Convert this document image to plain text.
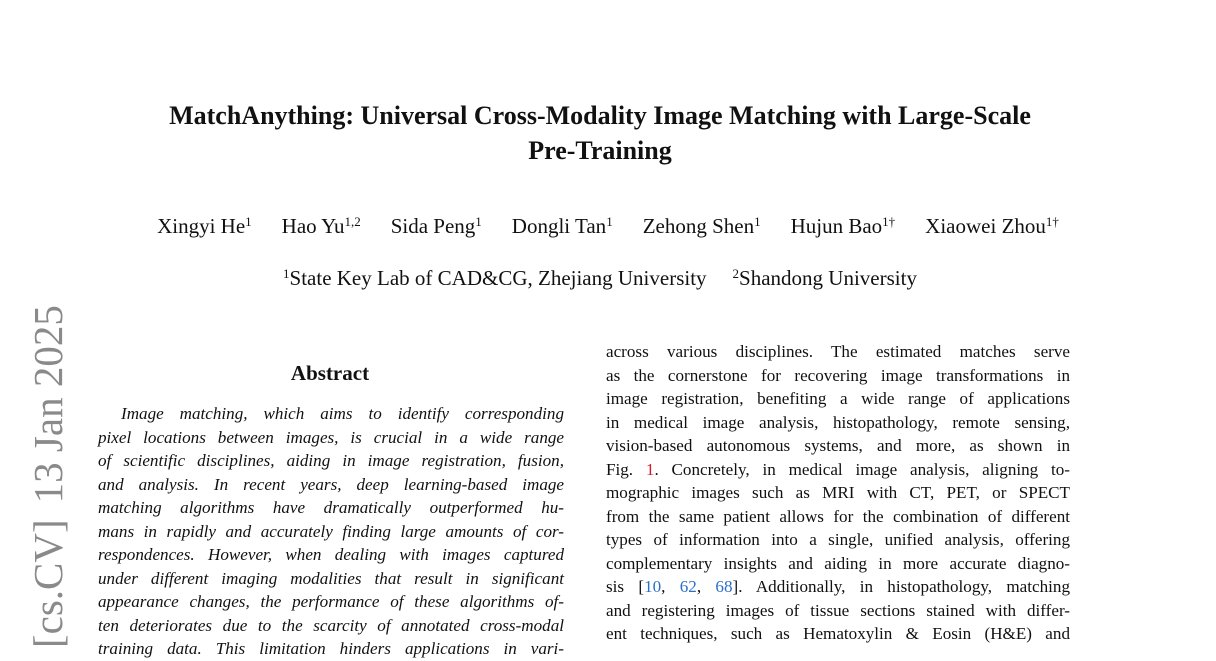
MatchAnything: Universal Cross-Modality Image Matching with Large-Scale
Pre-Training
Xingyi He$^1$ Hao Yu$^{1,2}$ Sida Peng$^1$ Dongli Tan$^1$ Zehong Shen$^1$ Hujun Bao$^{1\dagger}$ Xiaowei Zhou$^{1\dagger}$
$^1$State Key Lab of CAD&CG, Zhejiang University $^2$Shandong University
[cs.CV]13 Jan 2025	Abstract
Image matching, which aims to identify corresponding
pixel locations between images, is crucial in a wide range
of scientific disciplines, aiding in image registration, fusion,
and analysis. In recent years, deep learning-based image
matching algorithms have dramatically outperformed hu-
mans in rapidly and accurately finding large amounts of cor-
respondences. However, when dealing with images captured
under different imaging modalities that result in significant
appearance changes, the performance of these algorithms of-
ten deteriorates due to the scarcity of annotated cross-modal
training data. This limitation hinders applications in vari-
across various disciplines. The estimated matches serve
as the cornerstone for recovering image transformations in
image registration, benefiting a wide range of applications
in medical image analysis, histopathology, remote sensing,
vision-based autonomous systems, and more, as shown in
Fig. 1. Concretely, in medical image analysis, aligning to-
mographic images such as MRI with CT, PET, or SPECT
from the same patient allows for the combination of different
types of information into a single, unified analysis, offering
complementary insights and aiding in more accurate diagno-
sis [10, 62, 68]. Additionally, in histopathology, matching
and registering images of tissue sections stained with differ-
ent techniques, such as Hematoxylin & Eosin (H&E) and
